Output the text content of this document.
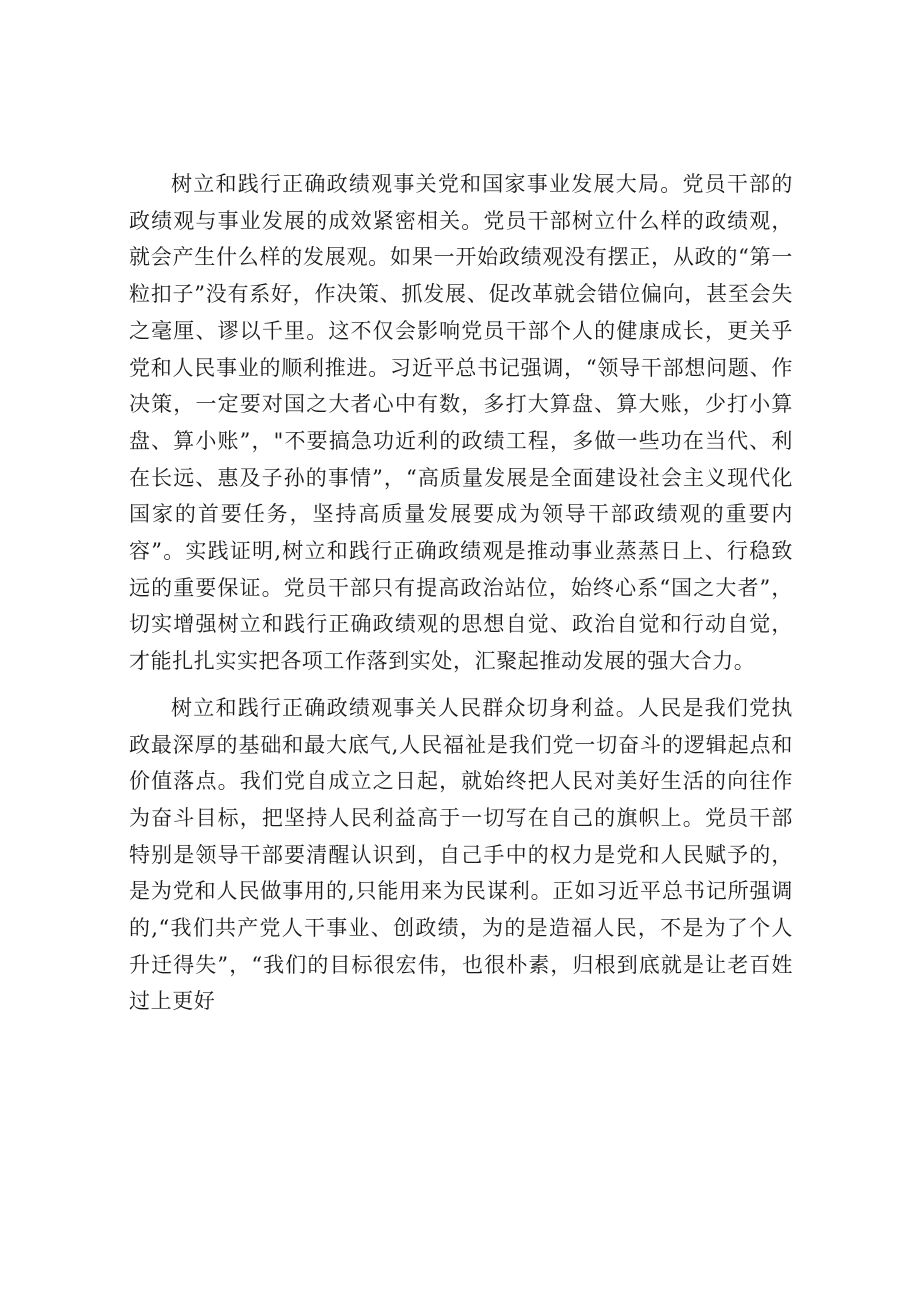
树立和践行正确政绩观事关党和国家事业发展大局。党员干部的政绩观与事业发展的成效紧密相关。党员干部树立什么样的政绩观，就会产生什么样的发展观。如果一开始政绩观没有摆正，从政的“第一粒扣子”没有系好，作决策、抓发展、促改革就会错位偏向，甚至会失之毫厘、谬以千里。这不仅会影响党员干部个人的健康成长，更关乎党和人民事业的顺利推进。习近平总书记强调，“领导干部想问题、作决策，一定要对国之大者心中有数，多打大算盘、算大账，少打小算盘、算小账”，"不要搞急功近利的政绩工程，多做一些功在当代、利在长远、惠及子孙的事情”，“高质量发展是全面建设社会主义现代化国家的首要任务，坚持高质量发展要成为领导干部政绩观的重要内容”。实践证明,树立和践行正确政绩观是推动事业蒸蒸日上、行稳致远的重要保证。党员干部只有提高政治站位，始终心系“国之大者”，切实增强树立和践行正确政绩观的思想自觉、政治自觉和行动自觉，才能扎扎实实把各项工作落到实处，汇聚起推动发展的强大合力。

树立和践行正确政绩观事关人民群众切身利益。人民是我们党执政最深厚的基础和最大底气,人民福祉是我们党一切奋斗的逻辑起点和价值落点。我们党自成立之日起，就始终把人民对美好生活的向往作为奋斗目标，把坚持人民利益高于一切写在自己的旗帜上。党员干部特别是领导干部要清醒认识到，自己手中的权力是党和人民赋予的，是为党和人民做事用的,只能用来为民谋利。正如习近平总书记所强调的,“我们共产党人干事业、创政绩，为的是造福人民，不是为了个人升迁得失”，“我们的目标很宏伟，也很朴素，归根到底就是让老百姓过上更好
